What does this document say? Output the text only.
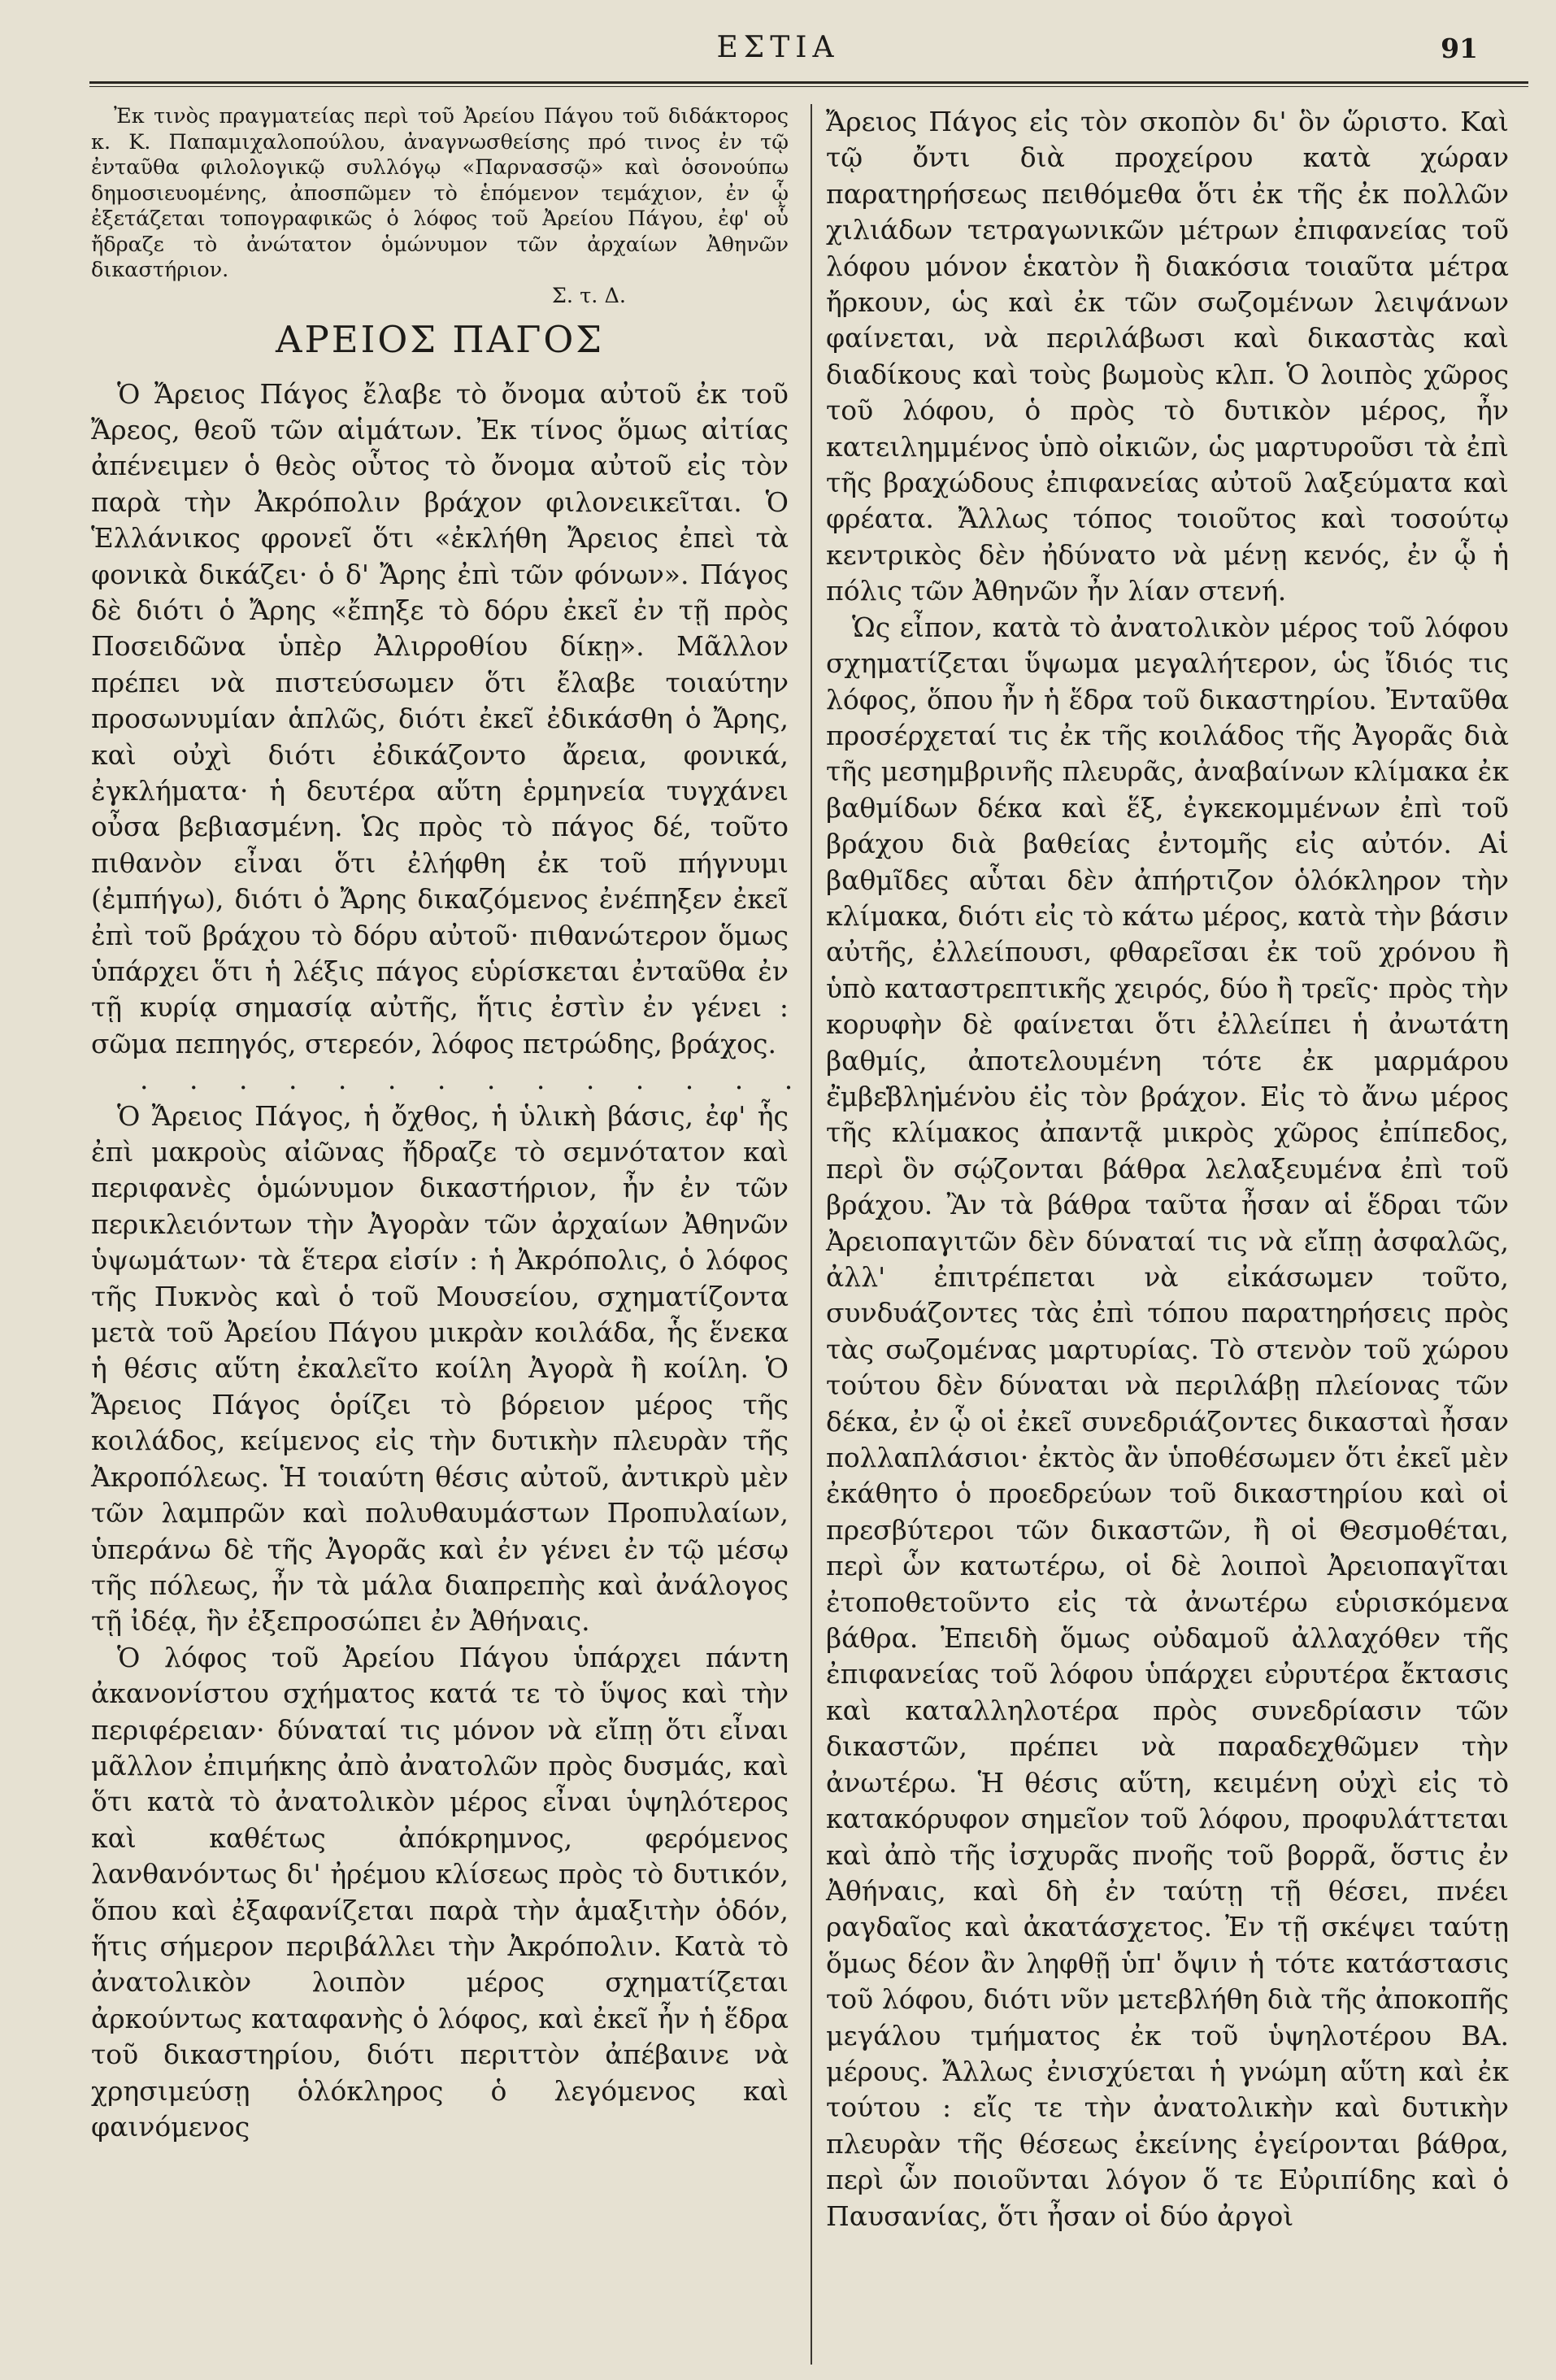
ΕΣΤΙΑ	91

Ἐκ τινὸς πραγματείας περὶ τοῦ Ἀρείου Πάγου τοῦ διδάκτορος κ. Κ. Παπαμιχαλοπούλου, ἀναγνωσθείσης πρό τινος ἐν τῷ ἐνταῦθα φιλολογικῷ συλλόγῳ «Παρνασσῷ» καὶ ὁσονούπω δημοσιευομένης, ἀποσπῶμεν τὸ ἑπόμενον τεμάχιον, ἐν ᾧ ἐξετάζεται τοπογραφικῶς ὁ λόφος τοῦ Ἀρείου Πάγου, ἐφ' οὗ ἤδραζε τὸ ἀνώτατον ὁμώνυμον τῶν ἀρχαίων Ἀθηνῶν δικαστήριον.

Σ. τ. Δ.

ΑΡΕΙΟΣ ΠΑΓΟΣ

Ὁ Ἄρειος Πάγος ἔλαβε τὸ ὄνομα αὐτοῦ ἐκ τοῦ Ἄρεος, θεοῦ τῶν αἱμάτων. Ἐκ τίνος ὅμως αἰτίας ἀπένειμεν ὁ θεὸς οὗτος τὸ ὄνομα αὐτοῦ εἰς τὸν παρὰ τὴν Ἀκρόπολιν βράχον φιλονεικεῖται. Ὁ Ἑλλάνικος φρονεῖ ὅτι «ἐκλήθη Ἄρειος ἐπεὶ τὰ φονικὰ δικάζει· ὁ δ' Ἄρης ἐπὶ τῶν φόνων». Πάγος δὲ διότι ὁ Ἄρης «ἔπηξε τὸ δόρυ ἐκεῖ ἐν τῇ πρὸς Ποσειδῶνα ὑπὲρ Ἀλιρροθίου δίκῃ». Μᾶλλον πρέπει νὰ πιστεύσωμεν ὅτι ἔλαβε τοιαύτην προσωνυμίαν ἁπλῶς, διότι ἐκεῖ ἐδικάσθη ὁ Ἄρης, καὶ οὐχὶ διότι ἐδικάζοντο ἄρεια, φονικά, ἐγκλήματα· ἡ δευτέρα αὕτη ἑρμηνεία τυγχάνει οὖσα βεβιασμένη. Ὡς πρὸς τὸ πάγος δέ, τοῦτο πιθανὸν εἶναι ὅτι ἐλήφθη ἐκ τοῦ πήγνυμι (ἐμπήγω), διότι ὁ Ἄρης δικαζόμενος ἐνέπηξεν ἐκεῖ ἐπὶ τοῦ βράχου τὸ δόρυ αὐτοῦ· πιθανώτερον ὅμως ὑπάρχει ὅτι ἡ λέξις πάγος εὑρίσκεται ἐνταῦθα ἐν τῇ κυρίᾳ σημασίᾳ αὐτῆς, ἥτις ἐστὶν ἐν γένει : σῶμα πεπηγός, στερεόν, λόφος πετρώδης, βράχος.

. . . . . . . . . . . . . . . . . . .

Ὁ Ἄρειος Πάγος, ἡ ὄχθος, ἡ ὑλικὴ βάσις, ἐφ' ἧς ἐπὶ μακροὺς αἰῶνας ἤδραζε τὸ σεμνότατον καὶ περιφανὲς ὁμώνυμον δικαστήριον, ἦν ἐν τῶν περικλειόντων τὴν Ἀγορὰν τῶν ἀρχαίων Ἀθηνῶν ὑψωμάτων· τὰ ἕτερα εἰσίν : ἡ Ἀκρόπολις, ὁ λόφος τῆς Πυκνὸς καὶ ὁ τοῦ Μουσείου, σχηματίζοντα μετὰ τοῦ Ἀρείου Πάγου μικρὰν κοιλάδα, ἧς ἕνεκα ἡ θέσις αὕτη ἐκαλεῖτο κοίλη Ἀγορὰ ἢ κοίλη. Ὁ Ἄρειος Πάγος ὁρίζει τὸ βόρειον μέρος τῆς κοιλάδος, κείμενος εἰς τὴν δυτικὴν πλευρὰν τῆς Ἀκροπόλεως. Ἡ τοιαύτη θέσις αὐτοῦ, ἀντικρὺ μὲν τῶν λαμπρῶν καὶ πολυθαυμάστων Προπυλαίων, ὑπεράνω δὲ τῆς Ἀγορᾶς καὶ ἐν γένει ἐν τῷ μέσῳ τῆς πόλεως, ἦν τὰ μάλα διαπρεπὴς καὶ ἀνάλογος τῇ ἰδέᾳ, ἣν ἐξεπροσώπει ἐν Ἀθήναις.

Ὁ λόφος τοῦ Ἀρείου Πάγου ὑπάρχει πάντη ἀκανονίστου σχήματος κατά τε τὸ ὕψος καὶ τὴν περιφέρειαν· δύναταί τις μόνον νὰ εἴπῃ ὅτι εἶναι μᾶλλον ἐπιμήκης ἀπὸ ἀνατολῶν πρὸς δυσμάς, καὶ ὅτι κατὰ τὸ ἀνατολικὸν μέρος εἶναι ὑψηλότερος καὶ καθέτως ἀπόκρημνος, φερόμενος λανθανόντως δι' ἠρέμου κλίσεως πρὸς τὸ δυτικόν, ὅπου καὶ ἐξαφανίζεται παρὰ τὴν ἁμαξιτὴν ὁδόν, ἥτις σήμερον περιβάλλει τὴν Ἀκρόπολιν. Κατὰ τὸ ἀνατολικὸν λοιπὸν μέρος σχηματίζεται ἀρκούντως καταφανὴς ὁ λόφος, καὶ ἐκεῖ ἦν ἡ ἕδρα τοῦ δικαστηρίου, διότι περιττὸν ἀπέβαινε νὰ χρησιμεύσῃ ὁλόκληρος ὁ λεγόμενος καὶ φαινόμενος

Ἄρειος Πάγος εἰς τὸν σκοπὸν δι' ὃν ὥριστο. Καὶ τῷ ὄντι διὰ προχείρου κατὰ χώραν παρατηρήσεως πειθόμεθα ὅτι ἐκ τῆς ἐκ πολλῶν χιλιάδων τετραγωνικῶν μέτρων ἐπιφανείας τοῦ λόφου μόνον ἑκατὸν ἢ διακόσια τοιαῦτα μέτρα ἤρκουν, ὡς καὶ ἐκ τῶν σωζομένων λειψάνων φαίνεται, νὰ περιλάβωσι καὶ δικαστὰς καὶ διαδίκους καὶ τοὺς βωμοὺς κλπ. Ὁ λοιπὸς χῶρος τοῦ λόφου, ὁ πρὸς τὸ δυτικὸν μέρος, ἦν κατειλημμένος ὑπὸ οἰκιῶν, ὡς μαρτυροῦσι τὰ ἐπὶ τῆς βραχώδους ἐπιφανείας αὐτοῦ λαξεύματα καὶ φρέατα. Ἄλλως τόπος τοιοῦτος καὶ τοσούτῳ κεντρικὸς δὲν ἠδύνατο νὰ μένῃ κενός, ἐν ᾧ ἡ πόλις τῶν Ἀθηνῶν ἦν λίαν στενή.

Ὡς εἶπον, κατὰ τὸ ἀνατολικὸν μέρος τοῦ λόφου σχηματίζεται ὕψωμα μεγαλήτερον, ὡς ἴδιός τις λόφος, ὅπου ἦν ἡ ἕδρα τοῦ δικαστηρίου. Ἐνταῦθα προσέρχεταί τις ἐκ τῆς κοιλάδος τῆς Ἀγορᾶς διὰ τῆς μεσημβρινῆς πλευρᾶς, ἀναβαίνων κλίμακα ἐκ βαθμίδων δέκα καὶ ἕξ, ἐγκεκομμένων ἐπὶ τοῦ βράχου διὰ βαθείας ἐντομῆς εἰς αὐτόν. Αἱ βαθμῖδες αὗται δὲν ἀπήρτιζον ὁλόκληρον τὴν κλίμακα, διότι εἰς τὸ κάτω μέρος, κατὰ τὴν βάσιν αὐτῆς, ἐλλείπουσι, φθαρεῖσαι ἐκ τοῦ χρόνου ἢ ὑπὸ καταστρεπτικῆς χειρός, δύο ἢ τρεῖς· πρὸς τὴν κορυφὴν δὲ φαίνεται ὅτι ἐλλείπει ἡ ἀνωτάτη βαθμίς, ἀποτελουμένη τότε ἐκ μαρμάρου ἐμβεβλημένου εἰς τὸν βράχον. Εἰς τὸ ἄνω μέρος τῆς κλίμακος ἀπαντᾷ μικρὸς χῶρος ἐπίπεδος, περὶ ὃν σῴζονται βάθρα λελαξευμένα ἐπὶ τοῦ βράχου. Ἂν τὰ βάθρα ταῦτα ἦσαν αἱ ἕδραι τῶν Ἀρειοπαγιτῶν δὲν δύναταί τις νὰ εἴπῃ ἀσφαλῶς, ἀλλ' ἐπιτρέπεται νὰ εἰκάσωμεν τοῦτο, συνδυάζοντες τὰς ἐπὶ τόπου παρατηρήσεις πρὸς τὰς σωζομένας μαρτυρίας. Τὸ στενὸν τοῦ χώρου τούτου δὲν δύναται νὰ περιλάβῃ πλείονας τῶν δέκα, ἐν ᾧ οἱ ἐκεῖ συνεδριάζοντες δικασταὶ ἦσαν πολλαπλάσιοι· ἐκτὸς ἂν ὑποθέσωμεν ὅτι ἐκεῖ μὲν ἐκάθητο ὁ προεδρεύων τοῦ δικαστηρίου καὶ οἱ πρεσβύτεροι τῶν δικαστῶν, ἢ οἱ Θεσμοθέται, περὶ ὧν κατωτέρω, οἱ δὲ λοιποὶ Ἀρειοπαγῖται ἐτοποθετοῦντο εἰς τὰ ἀνωτέρω εὑρισκόμενα βάθρα. Ἐπειδὴ ὅμως οὐδαμοῦ ἀλλαχόθεν τῆς ἐπιφανείας τοῦ λόφου ὑπάρχει εὐρυτέρα ἔκτασις καὶ καταλληλοτέρα πρὸς συνεδρίασιν τῶν δικαστῶν, πρέπει νὰ παραδεχθῶμεν τὴν ἀνωτέρω. Ἡ θέσις αὕτη, κειμένη οὐχὶ εἰς τὸ κατακόρυφον σημεῖον τοῦ λόφου, προφυλάττεται καὶ ἀπὸ τῆς ἰσχυρᾶς πνοῆς τοῦ βορρᾶ, ὅστις ἐν Ἀθήναις, καὶ δὴ ἐν ταύτῃ τῇ θέσει, πνέει ραγδαῖος καὶ ἀκατάσχετος. Ἐν τῇ σκέψει ταύτῃ ὅμως δέον ἂν ληφθῇ ὑπ' ὄψιν ἡ τότε κατάστασις τοῦ λόφου, διότι νῦν μετεβλήθη διὰ τῆς ἀποκοπῆς μεγάλου τμήματος ἐκ τοῦ ὑψηλοτέρου ΒΑ. μέρους. Ἄλλως ἐνισχύεται ἡ γνώμη αὕτη καὶ ἐκ τούτου : εἴς τε τὴν ἀνατολικὴν καὶ δυτικὴν πλευρὰν τῆς θέσεως ἐκείνης ἐγείρονται βάθρα, περὶ ὧν ποιοῦνται λόγον ὅ τε Εὐριπίδης καὶ ὁ Παυσανίας, ὅτι ἦσαν οἱ δύο ἀργοὶ
